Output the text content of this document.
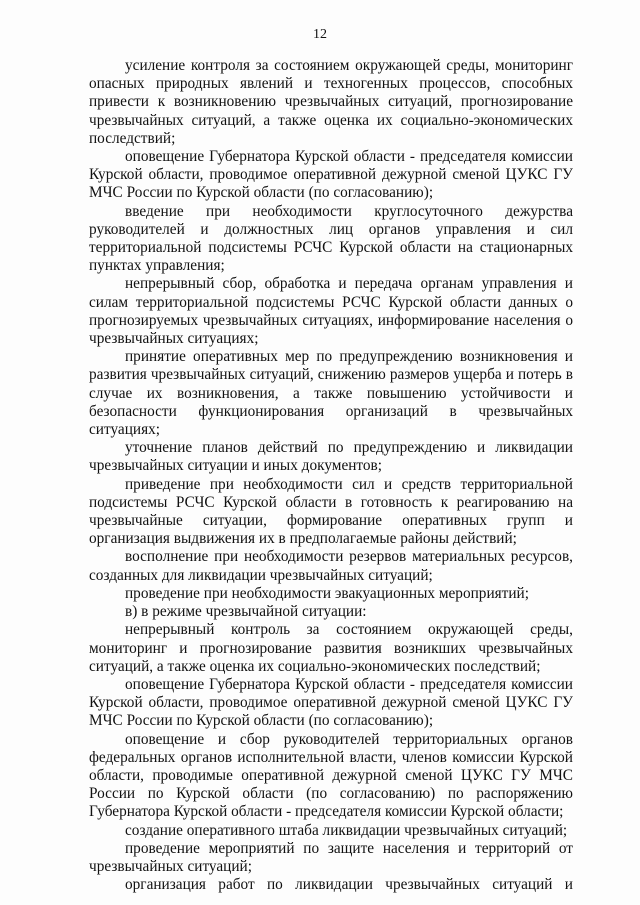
12

усиление контроля за состоянием окружающей среды, мониторинг опасных природных явлений и техногенных процессов, способных привести к возникновению чрезвычайных ситуаций, прогнозирование чрезвычайных ситуаций, а также оценка их социально-экономических последствий;

оповещение Губернатора Курской области - председателя комиссии Курской области, проводимое оперативной дежурной сменой ЦУКС ГУ МЧС России по Курской области (по согласованию);

введение при необходимости круглосуточного дежурства руководителей и должностных лиц органов управления и сил территориальной подсистемы РСЧС Курской области на стационарных пунктах управления;

непрерывный сбор, обработка и передача органам управления и силам территориальной подсистемы РСЧС Курской области данных о прогнозируемых чрезвычайных ситуациях, информирование населения о чрезвычайных ситуациях;

принятие оперативных мер по предупреждению возникновения и развития чрезвычайных ситуаций, снижению размеров ущерба и потерь в случае их возникновения, а также повышению устойчивости и безопасности функционирования организаций в чрезвычайных ситуациях;

уточнение планов действий по предупреждению и ликвидации чрезвычайных ситуации и иных документов;

приведение при необходимости сил и средств территориальной подсистемы РСЧС Курской области в готовность к реагированию на чрезвычайные ситуации, формирование оперативных групп и организация выдвижения их в предполагаемые районы действий;

восполнение при необходимости резервов материальных ресурсов, созданных для ликвидации чрезвычайных ситуаций;

проведение при необходимости эвакуационных мероприятий;

в) в режиме чрезвычайной ситуации:

непрерывный контроль за состоянием окружающей среды, мониторинг и прогнозирование развития возникших чрезвычайных ситуаций, а также оценка их социально-экономических последствий;

оповещение Губернатора Курской области - председателя комиссии Курской области, проводимое оперативной дежурной сменой ЦУКС ГУ МЧС России по Курской области (по согласованию);

оповещение и сбор руководителей территориальных органов федеральных органов исполнительной власти, членов комиссии Курской области, проводимые оперативной дежурной сменой ЦУКС ГУ МЧС России по Курской области (по согласованию) по распоряжению Губернатора Курской области - председателя комиссии Курской области;

создание оперативного штаба ликвидации чрезвычайных ситуаций;

проведение мероприятий по защите населения и территорий от чрезвычайных ситуаций;

организация работ по ликвидации чрезвычайных ситуаций и
